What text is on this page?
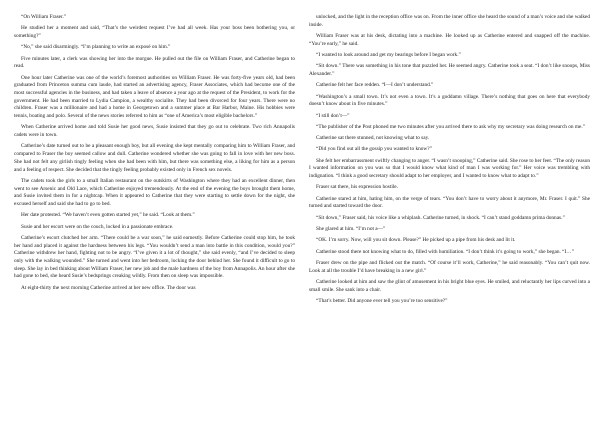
“On William Fraser.”

He studied her a moment and said, “That’s the weirdest request I’ve had all week. Has your boss been bothering you, or something?”

“No,” she said disarmingly. “I’m planning to write an exposé on him.”

Five minutes later, a clerk was showing her into the morgue. He pulled out the file on William Fraser, and Catherine began to read.

One hour later Catherine was one of the world’s foremost authorities on William Fraser. He was forty-five years old, had been graduated from Princeton summa cum laude, had started an advertising agency, Fraser Associates, which had become one of the most successful agencies in the business, and had taken a leave of absence a year ago at the request of the President, to work for the government. He had been married to Lydia Campion, a wealthy socialite. They had been divorced for four years. There were no children. Fraser was a millionaire and had a home in Georgetown and a summer place at Bar Harbor, Maine. His hobbies were tennis, boating and polo. Several of the news stories referred to him as “one of America’s most eligible bachelors.”

When Catherine arrived home and told Susie her good news, Susie insisted that they go out to celebrate. Two rich Annapolis cadets were in town.

Catherine’s date turned out to be a pleasant enough boy, but all evening she kept mentally comparing him to William Fraser, and compared to Fraser the boy seemed callow and dull. Catherine wondered whether she was going to fall in love with her new boss. She had not felt any girlish tingly feeling when she had been with him, but there was something else, a liking for him as a person and a feeling of respect. She decided that the tingly feeling probably existed only in French sex novels.

The cadets took the girls to a small Italian restaurant on the outskirts of Washington where they had an excellent dinner, then went to see Arsenic and Old Lace, which Catherine enjoyed tremendously. At the end of the evening the boys brought them home, and Susie invited them in for a nightcap. When it appeared to Catherine that they were starting to settle down for the night, she excused herself and said she had to go to bed.

Her date protested. “We haven’t even gotten started yet,” he said. “Look at them.”

Susie and her escort were on the couch, locked in a passionate embrace.

Catherine’s escort clutched her arm. “There could be a war soon,” he said earnestly. Before Catherine could stop him, he took her hand and placed it against the hardness between his legs. “You wouldn’t send a man into battle in this condition, would you?” Catherine withdrew her hand, fighting not to be angry. “I’ve given it a lot of thought,” she said evenly, “and I’ve decided to sleep only with the walking wounded.” She turned and went into her bedroom, locking the door behind her. She found it difficult to go to sleep. She lay in bed thinking about William Fraser, her new job and the male hardness of the boy from Annapolis. An hour after she had gone to bed, she heard Susie’s bedsprings creaking wildly. From then on sleep was impossible.

At eight-thirty the next morning Catherine arrived at her new office. The door was

unlocked, and the light in the reception office was on. From the inner office she heard the sound of a man’s voice and she walked inside.

William Fraser was at his desk, dictating into a machine. He looked up as Catherine entered and snapped off the machine. “You’re early,” he said.

“I wanted to look around and get my bearings before I began work.”

“Sit down.” There was something in his tone that puzzled her. He seemed angry. Catherine took a seat. “I don’t like snoops, Miss Alexander.”

Catherine felt her face redden. “I—I don’t understand.”

“Washington’s a small town. It’s not even a town. It’s a goddamn village. There’s nothing that goes on here that everybody doesn’t know about in five minutes.”

“I still don’t—”

“The publisher of the Post phoned me two minutes after you arrived there to ask why my secretary was doing research on me.”

Catherine sat there stunned, not knowing what to say.

“Did you find out all the gossip you wanted to know?”

She felt her embarrassment swiftly changing to anger. “I wasn’t snooping,” Catherine said. She rose to her feet. “The only reason I wanted information on you was so that I would know what kind of man I was working for.” Her voice was trembling with indignation. “I think a good secretary should adapt to her employer, and I wanted to know what to adapt to.”

Fraser sat there, his expression hostile.

Catherine stared at him, hating him, on the verge of tears. “You don’t have to worry about it anymore, Mr. Fraser. I quit.” She turned and started toward the door.

“Sit down,” Fraser said, his voice like a whiplash. Catherine turned, in shock. “I can’t stand goddamn prima donnas.”

She glared at him. “I’m not a—”

“OK. I’m sorry. Now, will you sit down. Please?” He picked up a pipe from his desk and lit it.

Catherine stood there not knowing what to do, filled with humiliation. “I don’t think it’s going to work,” she began. “I…”

Fraser drew on the pipe and flicked out the match. “Of course it’ll work, Catherine,” he said reasonably. “You can’t quit now. Look at all the trouble I’d have breaking in a new girl.”

Catherine looked at him and saw the glint of amusement in his bright blue eyes. He smiled, and reluctantly her lips curved into a small smile. She sank into a chair.

“That’s better. Did anyone ever tell you you’re too sensitive?”
